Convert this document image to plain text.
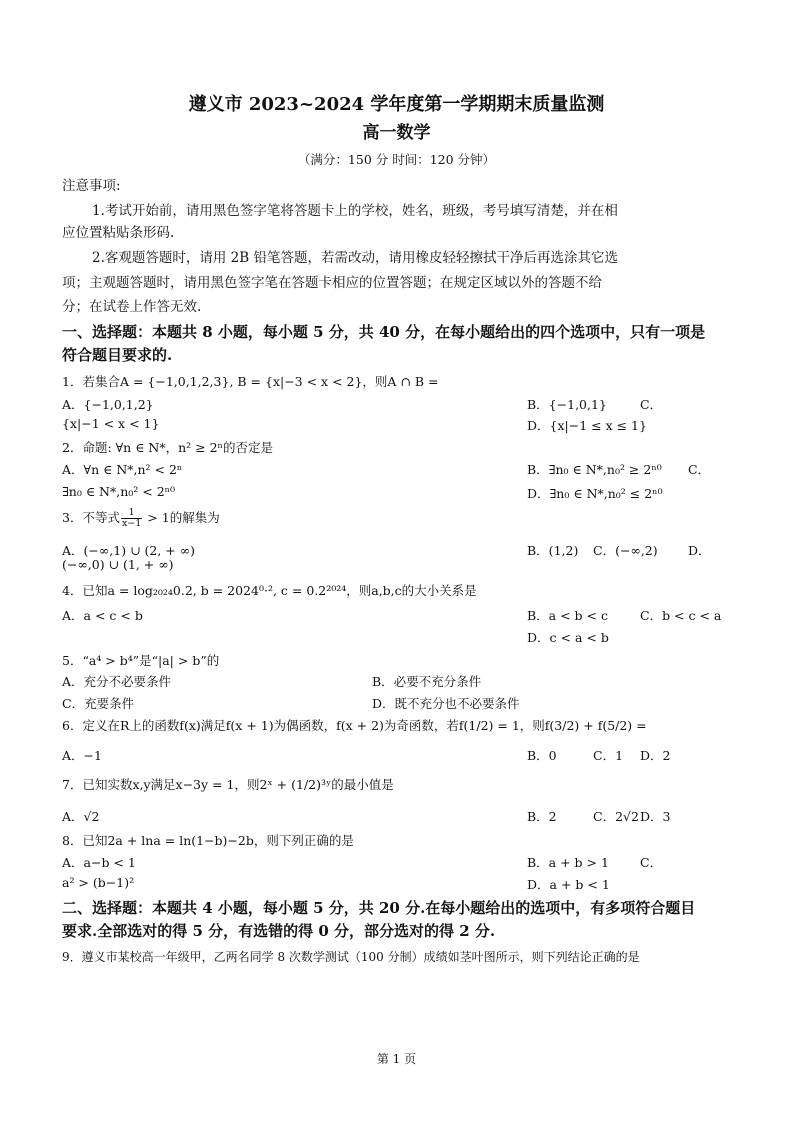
遵义市 2023~2024 学年度第一学期期末质量监测
高一数学
（满分：150 分 时间：120 分钟）
注意事项:
1.考试开始前，请用黑色签字笔将答题卡上的学校，姓名，班级，考号填写清楚，并在相
应位置粘贴条形码.
2.客观题答题时，请用 2B 铅笔答题，若需改动，请用橡皮轻轻擦拭干净后再选涂其它选
项；主观题答题时，请用黑色签字笔在答题卡相应的位置答题；在规定区域以外的答题不给
分；在试卷上作答无效.
一、选择题：本题共 8 小题，每小题 5 分，共 40 分，在每小题给出的四个选项中，只有一项是
符合题目要求的.
1．若集合A = {−1,0,1,2,3}, B = {x|−3 < x < 2}，则A ∩ B =
A．{−1,0,1,2}	B．{−1,0,1}	C．
{x|−1 < x < 1}	D．{x|−1 ≤ x ≤ 1}
2．命题: ∀n ∈ N*，n² ≥ 2ⁿ的否定是
A．∀n ∈ N*,n² < 2ⁿ	B．∃n₀ ∈ N*,n₀² ≥ 2ⁿ⁰ C．
∃n₀ ∈ N*,n₀² < 2ⁿ⁰	D．∃n₀ ∈ N*,n₀² ≤ 2ⁿ⁰
3．不等式 $\frac{1}{x-1} > 1$的解集为
A．(−∞,1) ∪ (2, + ∞)	B．(1,2) C．(−∞,2) D．
(−∞,0) ∪ (1, + ∞)
4．已知a = log₂₀₂₄0.2, b = 2024⁰·², c = 0.2²⁰²⁴，则a,b,c的大小关系是
A．a < c < b	B．a < b < c	C．b < c < a
D．c < a < b
5．“a⁴ > b⁴”是“|a| > b”的
A．充分不必要条件	B．必要不充分条件
C．充要条件	D．既不充分也不必要条件
6．定义在R上的函数f(x)满足f(x + 1)为偶函数，f(x + 2)为奇函数，若f(1/2) = 1，则f(3/2) + f(5/2) =
A．−1	B．0	C．1 D．2
7．已知实数x,y满足x−3y = 1，则2ˣ + (1/2)³ʸ的最小值是
A．√2	B．2	C．2√2 D．3
8．已知2a + lna = ln(1−b)−2b，则下列正确的是
A．a−b < 1	B．a + b > 1 C．
a² > (b−1)²	D．a + b < 1
二、选择题：本题共 4 小题，每小题 5 分，共 20 分.在每小题给出的选项中，有多项符合题目
要求.全部选对的得 5 分，有选错的得 0 分，部分选对的得 2 分.
9．遵义市某校高一年级甲，乙两名同学 8 次数学测试（100 分制）成绩如茎叶图所示，则下列结论正确的是
第 1 页
